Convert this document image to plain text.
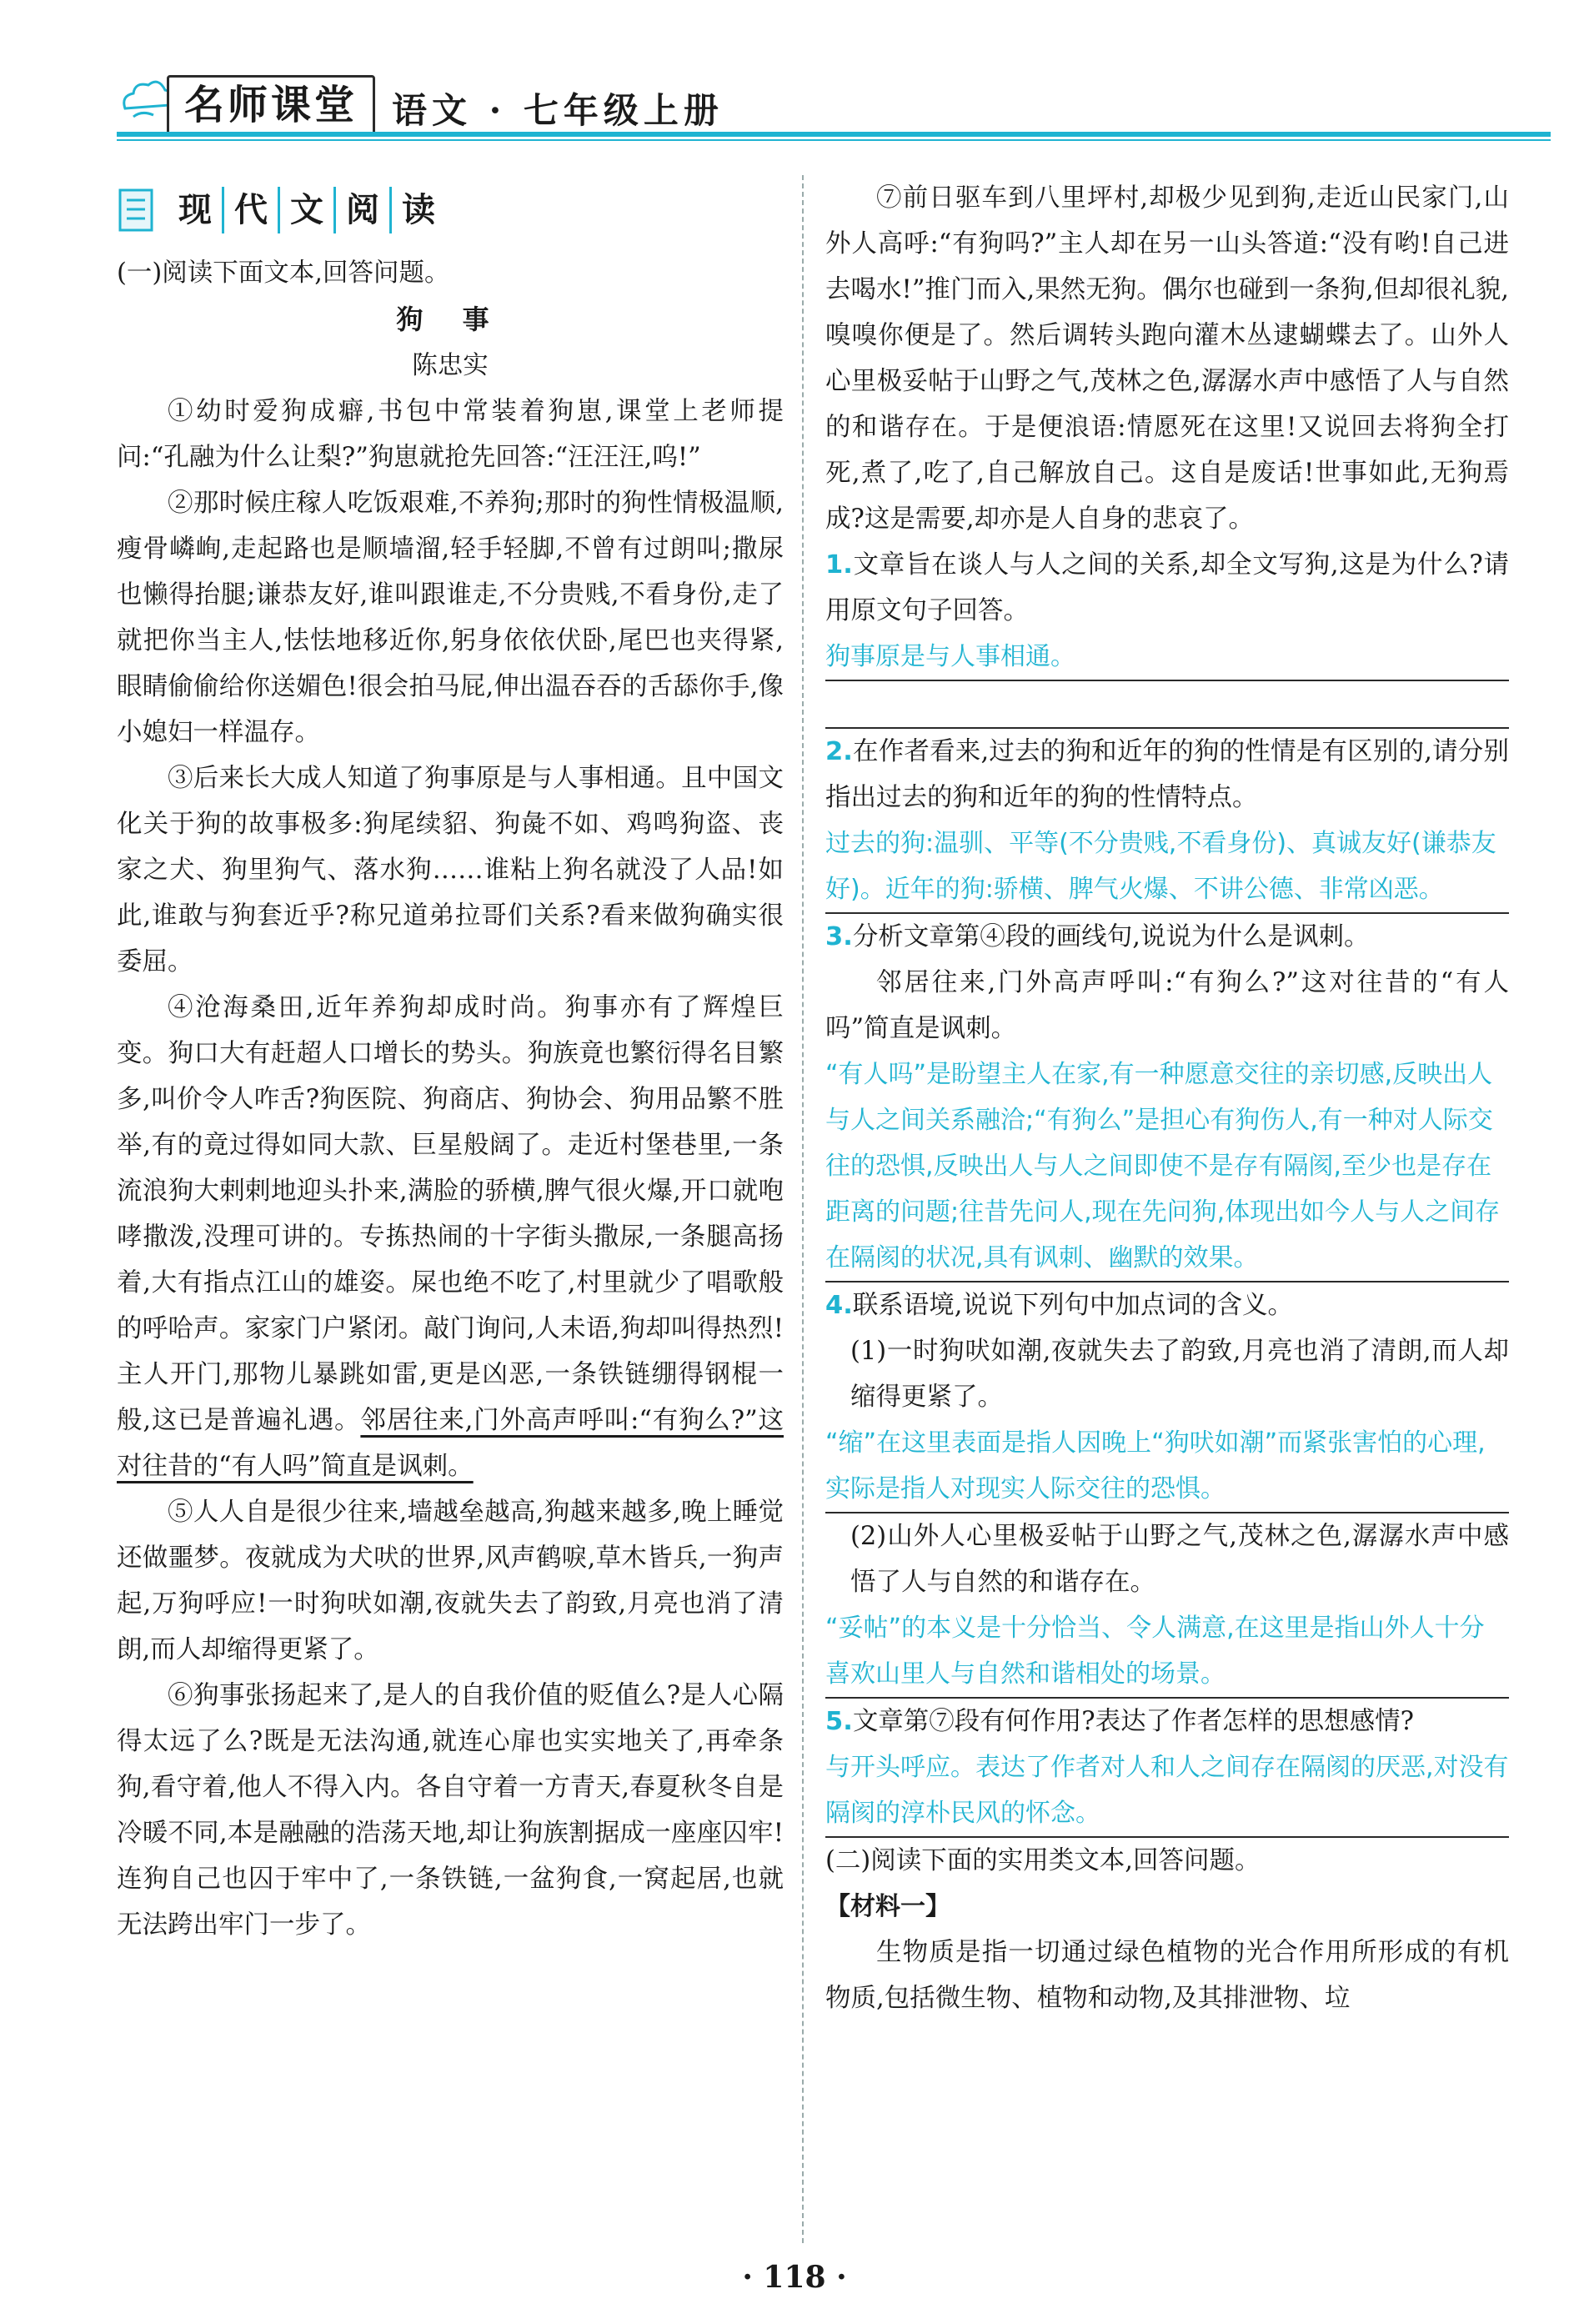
名师课堂 语文 · 七年级上册
现 代 文 阅 读

(一)阅读下面文本,回答问题。

狗 事

陈忠实

①幼时爱狗成癖,书包中常装着狗崽,课堂上老师提问:“孔融为什么让梨?”狗崽就抢先回答:“汪汪汪,呜!”

②那时候庄稼人吃饭艰难,不养狗;那时的狗性情极温顺,瘦骨嶙峋,走起路也是顺墙溜,轻手轻脚,不曾有过朗叫;撒尿也懒得抬腿;谦恭友好,谁叫跟谁走,不分贵贱,不看身份,走了就把你当主人,怯怯地移近你,躬身依依伏卧,尾巴也夹得紧,眼睛偷偷给你送媚色!很会拍马屁,伸出温吞吞的舌舔你手,像小媳妇一样温存。

③后来长大成人知道了狗事原是与人事相通。且中国文化关于狗的故事极多:狗尾续貂、狗彘不如、鸡鸣狗盗、丧家之犬、狗里狗气、落水狗……谁粘上狗名就没了人品!如此,谁敢与狗套近乎?称兄道弟拉哥们关系?看来做狗确实很委屈。

④沧海桑田,近年养狗却成时尚。狗事亦有了辉煌巨变。狗口大有赶超人口增长的势头。狗族竟也繁衍得名目繁多,叫价令人咋舌?狗医院、狗商店、狗协会、狗用品繁不胜举,有的竟过得如同大款、巨星般阔了。走近村堡巷里,一条流浪狗大剌剌地迎头扑来,满脸的骄横,脾气很火爆,开口就咆哮撒泼,没理可讲的。专拣热闹的十字街头撒尿,一条腿高扬着,大有指点江山的雄姿。屎也绝不吃了,村里就少了唱歌般的呼哈声。家家门户紧闭。敲门询问,人未语,狗却叫得热烈!主人开门,那物儿暴跳如雷,更是凶恶,一条铁链绷得钢棍一般,这已是普遍礼遇。邻居往来,门外高声呼叫:“有狗么?”这对往昔的“有人吗”简直是讽刺。

⑤人人自是很少往来,墙越垒越高,狗越来越多,晚上睡觉还做噩梦。夜就成为犬吠的世界,风声鹤唳,草木皆兵,一狗声起,万狗呼应!一时狗吠如潮,夜就失去了韵致,月亮也消了清朗,而人却缩得更紧了。

⑥狗事张扬起来了,是人的自我价值的贬值么?是人心隔得太远了么?既是无法沟通,就连心扉也实实地关了,再牵条狗,看守着,他人不得入内。各自守着一方青天,春夏秋冬自是冷暖不同,本是融融的浩荡天地,却让狗族割据成一座座囚牢!连狗自己也囚于牢中了,一条铁链,一盆狗食,一窝起居,也就无法跨出牢门一步了。

⑦前日驱车到八里坪村,却极少见到狗,走近山民家门,山外人高呼:“有狗吗?”主人却在另一山头答道:“没有哟!自己进去喝水!”推门而入,果然无狗。偶尔也碰到一条狗,但却很礼貌,嗅嗅你便是了。然后调转头跑向灌木丛逮蝴蝶去了。山外人心里极妥帖于山野之气,茂林之色,潺潺水声中感悟了人与自然的和谐存在。于是便浪语:情愿死在这里!又说回去将狗全打死,煮了,吃了,自己解放自己。这自是废话!世事如此,无狗焉成?这是需要,却亦是人自身的悲哀了。

1.文章旨在谈人与人之间的关系,却全文写狗,这是为什么?请用原文句子回答。

狗事原是与人事相通。

2.在作者看来,过去的狗和近年的狗的性情是有区别的,请分别指出过去的狗和近年的狗的性情特点。

过去的狗:温驯、平等(不分贵贱,不看身份)、真诚友好(谦恭友好)。近年的狗:骄横、脾气火爆、不讲公德、非常凶恶。

3.分析文章第④段的画线句,说说为什么是讽刺。

邻居往来,门外高声呼叫:“有狗么?”这对往昔的“有人吗”简直是讽刺。

“有人吗”是盼望主人在家,有一种愿意交往的亲切感,反映出人与人之间关系融洽;“有狗么”是担心有狗伤人,有一种对人际交往的恐惧,反映出人与人之间即使不是存有隔阂,至少也是存在距离的问题;往昔先问人,现在先问狗,体现出如今人与人之间存在隔阂的状况,具有讽刺、幽默的效果。

4.联系语境,说说下列句中加点词的含义。

(1)一时狗吠如潮,夜就失去了韵致,月亮也消了清朗,而人却缩得更紧了。

“缩”在这里表面是指人因晚上“狗吠如潮”而紧张害怕的心理,实际是指人对现实人际交往的恐惧。

(2)山外人心里极妥帖于山野之气,茂林之色,潺潺水声中感悟了人与自然的和谐存在。

“妥帖”的本义是十分恰当、令人满意,在这里是指山外人十分喜欢山里人与自然和谐相处的场景。

5.文章第⑦段有何作用?表达了作者怎样的思想感情?

与开头呼应。表达了作者对人和人之间存在隔阂的厌恶,对没有隔阂的淳朴民风的怀念。

(二)阅读下面的实用类文本,回答问题。

【材料一】

生物质是指一切通过绿色植物的光合作用所形成的有机物质,包括微生物、植物和动物,及其排泄物、垃

· 118 ·
